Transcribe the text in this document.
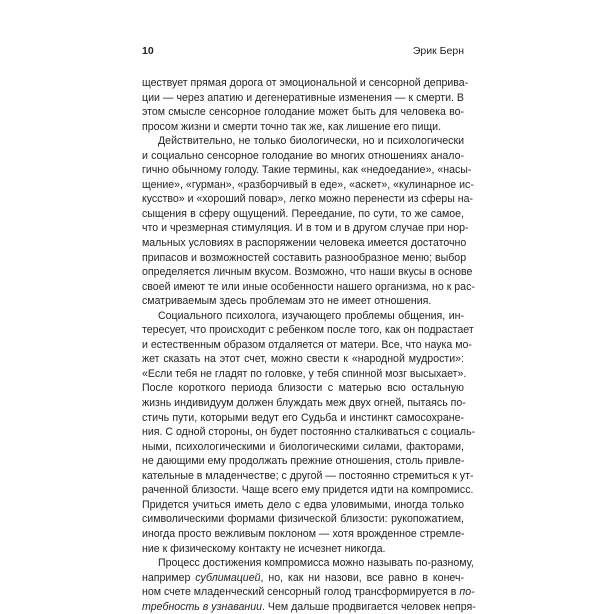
10	Эрик Берн

ществует прямая дорога от эмоциональной и сенсорной деприва-
ции — через апатию и дегенеративные изменения — к смерти. В
этом смысле сенсорное голодание может быть для человека во-
просом жизни и смерти точно так же, как лишение его пищи.

Действительно, не только биологически, но и психологически
и социально сенсорное голодание во многих отношениях анало-
гично обычному голоду. Такие термины, как «недоедание», «насы-
щение», «гурман», «разборчивый в еде», «аскет», «кулинарное ис-
кусство» и «хороший повар», легко можно перенести из сферы на-
сыщения в сферу ощущений. Переедание, по сути, то же самое,
что и чрезмерная стимуляция. И в том и в другом случае при нор-
мальных условиях в распоряжении человека имеется достаточно
припасов и возможностей составить разнообразное меню; выбор
определяется личным вкусом. Возможно, что наши вкусы в основе
своей имеют те или иные особенности нашего организма, но к рас-
сматриваемым здесь проблемам это не имеет отношения.

Социального психолога, изучающего проблемы общения, ин-
тересует, что происходит с ребенком после того, как он подрастает
и естественным образом отдаляется от матери. Все, что наука мо-
жет сказать на этот счет, можно свести к «народной мудрости»:
«Если тебя не гладят по головке, у тебя спинной мозг высыхает».
После короткого периода близости с матерью всю остальную
жизнь индивидуум должен блуждать меж двух огней, пытаясь по-
стичь пути, которыми ведут его Судьба и инстинкт самосохране-
ния. С одной стороны, он будет постоянно сталкиваться с социаль-
ными, психологическими и биологическими силами, факторами,
не дающими ему продолжать прежние отношения, столь привле-
кательные в младенчестве; с другой — постоянно стремиться к ут-
раченной близости. Чаще всего ему придется идти на компромисс.
Придется учиться иметь дело с едва уловимыми, иногда только
символическими формами физической близости: рукопожатием,
иногда просто вежливым поклоном — хотя врожденное стремле-
ние к физическому контакту не исчезнет никогда.

Процесс достижения компромисса можно называть по-разному,
например сублимацией, но, как ни назови, все равно в конеч-
ном счете младенческий сенсорный голод трансформируется в по-
требность в узнавании. Чем дальше продвигается человек непря-
